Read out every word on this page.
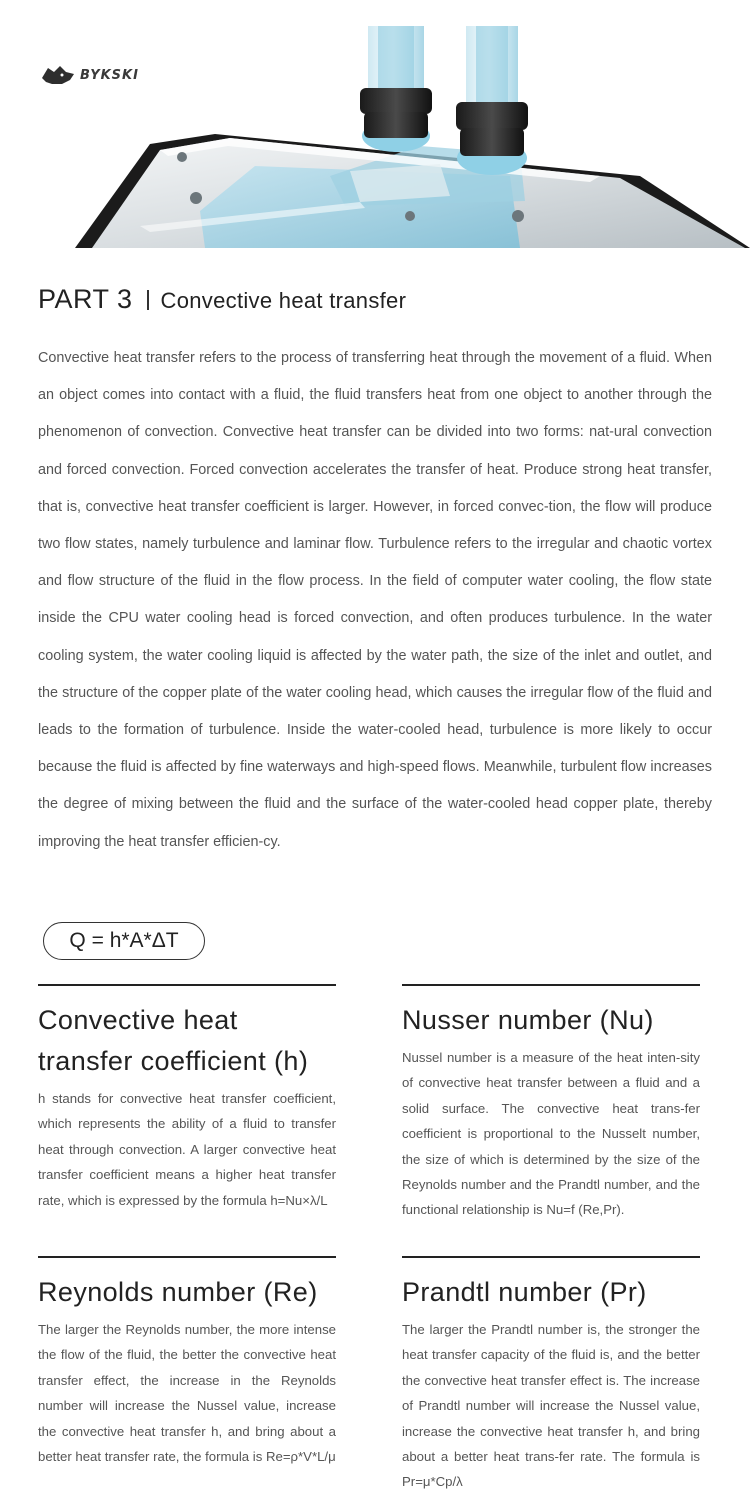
BYKSKI
PART 3 Convective heat transfer

Convective heat transfer refers to the process of transferring heat through the movement of a fluid. When an object comes into contact with a fluid, the fluid transfers heat from one object to another through the phenomenon of convection. Convective heat transfer can be divided into two forms: nat-ural convection and forced convection. Forced convection accelerates the transfer of heat. Produce strong heat transfer, that is, convective heat transfer coefficient is larger. However, in forced convec-tion, the flow will produce two flow states, namely turbulence and laminar flow. Turbulence refers to the irregular and chaotic vortex and flow structure of the fluid in the flow process. In the field of computer water cooling, the flow state inside the CPU water cooling head is forced convection, and often produces turbulence. In the water cooling system, the water cooling liquid is affected by the water path, the size of the inlet and outlet, and the structure of the copper plate of the water cooling head, which causes the irregular flow of the fluid and leads to the formation of turbulence. Inside the water-cooled head, turbulence is more likely to occur because the fluid is affected by fine waterways and high-speed flows. Meanwhile, turbulent flow increases the degree of mixing between the fluid and the surface of the water-cooled head copper plate, thereby improving the heat transfer efficien-cy.

Q = h*A*ΔT
Convective heat transfer coefficient (h)

h stands for convective heat transfer coefficient, which represents the ability of a fluid to transfer heat through convection. A larger convective heat transfer coefficient means a higher heat transfer rate, which is expressed by the formula h=Nu×λ/L

Nusser number (Nu)

Nussel number is a measure of the heat inten-sity of convective heat transfer between a fluid and a solid surface. The convective heat trans-fer coefficient is proportional to the Nusselt number, the size of which is determined by the size of the Reynolds number and the Prandtl number, and the functional relationship is Nu=f (Re,Pr).

Reynolds number (Re)

The larger the Reynolds number, the more intense the flow of the fluid, the better the convective heat transfer effect, the increase in the Reynolds number will increase the Nussel value, increase the convective heat transfer h, and bring about a better heat transfer rate, the formula is Re=ρ*V*L/μ

Prandtl number (Pr)

The larger the Prandtl number is, the stronger the heat transfer capacity of the fluid is, and the better the convective heat transfer effect is. The increase of Prandtl number will increase the Nussel value, increase the convective heat transfer h, and bring about a better heat trans-fer rate. The formula is Pr=μ*Cp/λ
